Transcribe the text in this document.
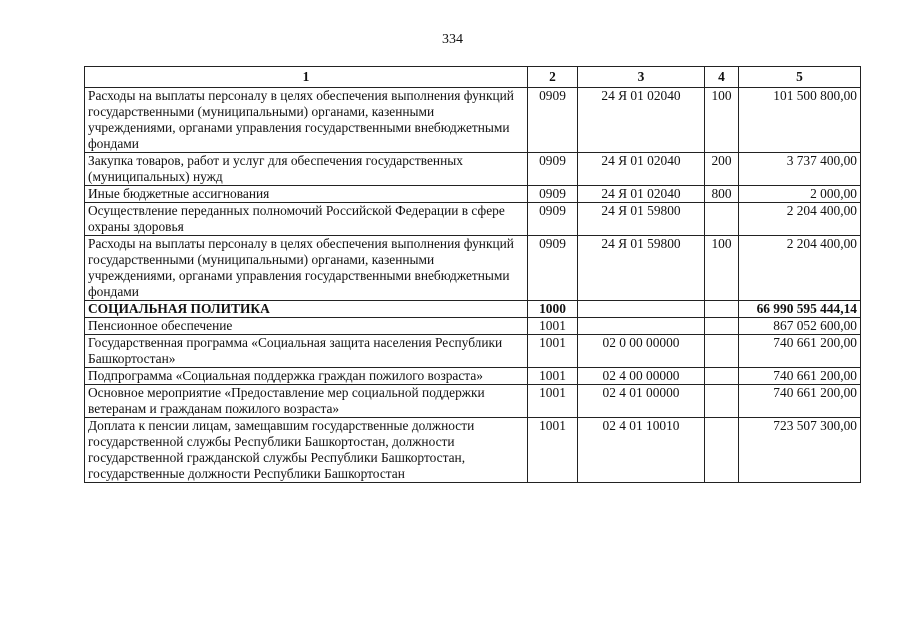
334
1	2	3	4	5
Расходы на выплаты персоналу в целях обеспечения выполнения функций государственными (муниципальными) органами, казенными учреждениями, органами управления государственными внебюджетными фондами	0909	24 Я 01 02040	100	101 500 800,00
Закупка товаров, работ и услуг для обеспечения государственных (муниципальных) нужд	0909	24 Я 01 02040	200	3 737 400,00
Иные бюджетные ассигнования	0909	24 Я 01 02040	800	2 000,00
Осуществление переданных полномочий Российской Федерации в сфере охраны здоровья	0909	24 Я 01 59800		2 204 400,00
Расходы на выплаты персоналу в целях обеспечения выполнения функций государственными (муниципальными) органами, казенными учреждениями, органами управления государственными внебюджетными фондами	0909	24 Я 01 59800	100	2 204 400,00
СОЦИАЛЬНАЯ ПОЛИТИКА	1000			66 990 595 444,14
Пенсионное обеспечение	1001			867 052 600,00
Государственная программа «Социальная защита населения Республики Башкортостан»	1001	02 0 00 00000		740 661 200,00
Подпрограмма «Социальная поддержка граждан пожилого возраста»	1001	02 4 00 00000		740 661 200,00
Основное мероприятие «Предоставление мер социальной поддержки ветеранам и гражданам пожилого возраста»	1001	02 4 01 00000		740 661 200,00
Доплата к пенсии лицам, замещавшим государственные должности государственной службы Республики Башкортостан, должности государственной гражданской службы Республики Башкортостан, государственные должности Республики Башкортостан	1001	02 4 01 10010		723 507 300,00
